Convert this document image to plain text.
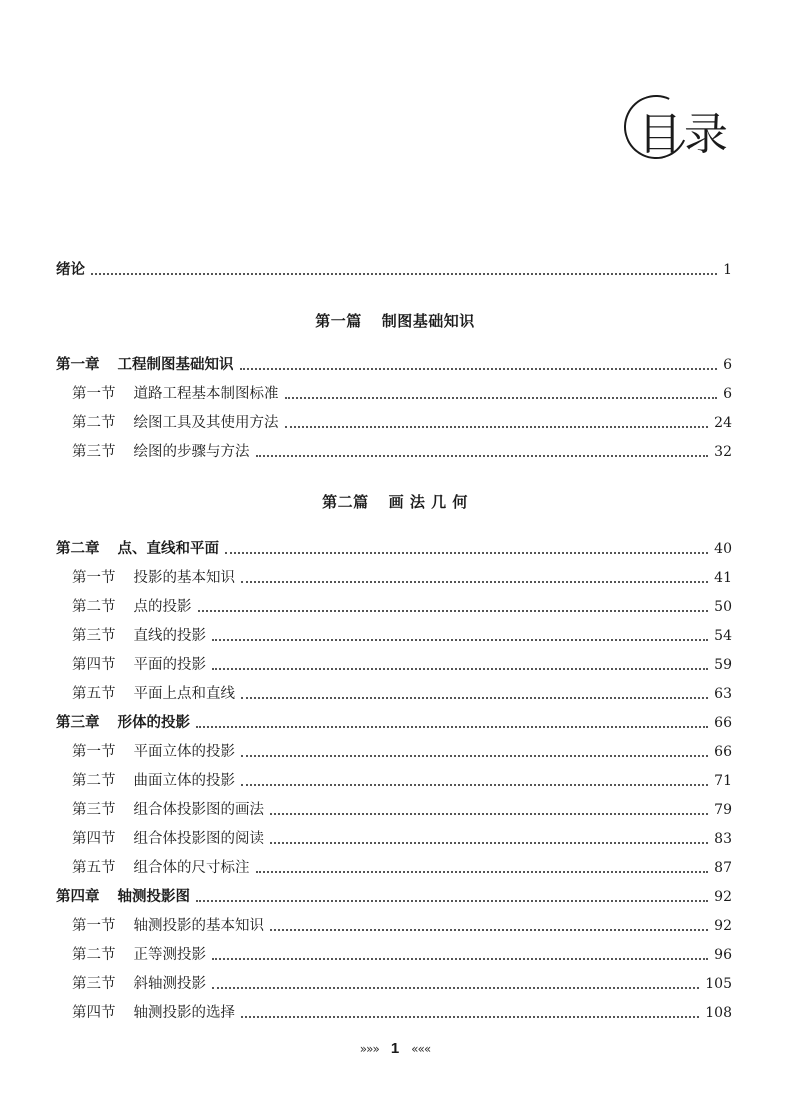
目录
绪论	1
第一篇 制图基础知识
第一章 工程制图基础知识	6
第一节 道路工程基本制图标准	6
第二节 绘图工具及其使用方法	24
第三节 绘图的步骤与方法	32
第二篇 画 法 几 何
第二章 点、直线和平面	40
第一节 投影的基本知识	41
第二节 点的投影	50
第三节 直线的投影	54
第四节 平面的投影	59
第五节 平面上点和直线	63
第三章 形体的投影	66
第一节 平面立体的投影	66
第二节 曲面立体的投影	71
第三节 组合体投影图的画法	79
第四节 组合体投影图的阅读	83
第五节 组合体的尺寸标注	87
第四章 轴测投影图	92
第一节 轴测投影的基本知识	92
第二节 正等测投影	96
第三节 斜轴测投影	105
第四节 轴测投影的选择	108
»»» 1 «««
